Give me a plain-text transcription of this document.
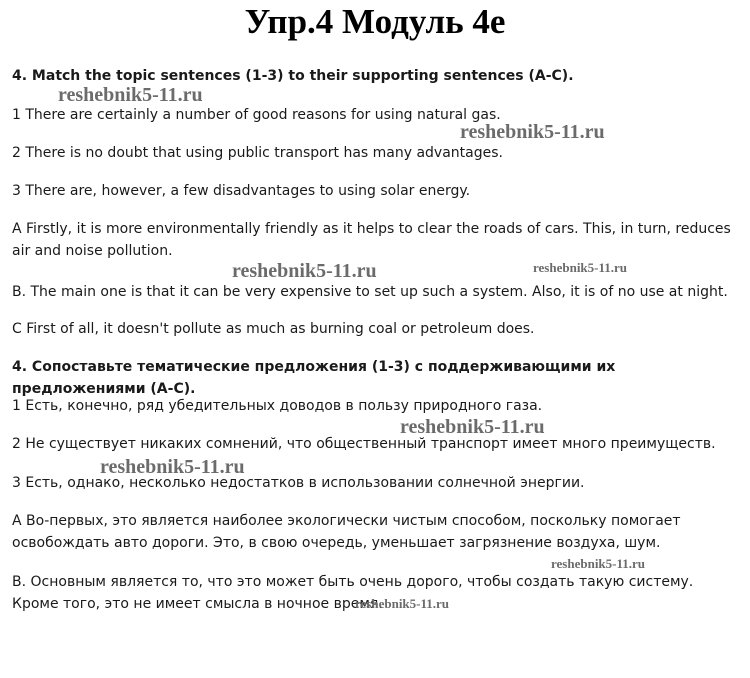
Упр.4 Модуль 4е

4. Match the topic sentences (1-3) to their supporting sentences (A-C).

1 There are certainly a number of good reasons for using natural gas.

2 There is no doubt that using public transport has many advantages.

3 There are, however, a few disadvantages to using solar energy.

A Firstly, it is more environmentally friendly as it helps to clear the roads of cars. This, in turn, reduces air and noise pollution.

B. The main one is that it can be very expensive to set up such a system. Also, it is of no use at night.

C First of all, it doesn't pollute as much as burning coal or petroleum does.

4. Сопоставьте тематические предложения (1-3) с поддерживающими их предложениями (A-C).

1 Есть, конечно, ряд убедительных доводов в пользу природного газа.

2 Не существует никаких сомнений, что общественный транспорт имеет много преимуществ.

3 Есть, однако, несколько недостатков в использовании солнечной энергии.

A Во-первых, это является наиболее экологически чистым способом, поскольку помогает освобождать авто дороги. Это, в свою очередь, уменьшает загрязнение воздуха, шум.

B. Основным является то, что это может быть очень дорого, чтобы создать такую систему. Кроме того, это не имеет смысла в ночное время.

reshebnik5-11.ru
reshebnik5-11.ru
reshebnik5-11.ru	reshebnik5-11.ru
reshebnik5-11.ru
reshebnik5-11.ru
reshebnik5-11.ru
reshebnik5-11.ru
